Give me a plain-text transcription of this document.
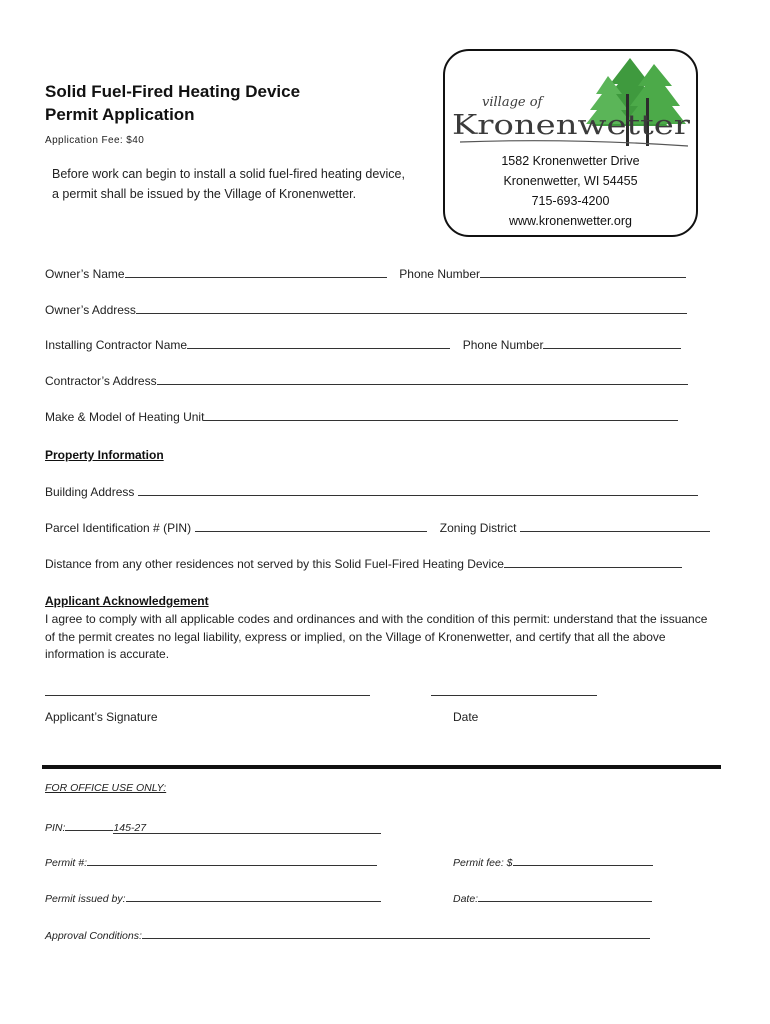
Solid Fuel-Fired Heating Device
Permit Application
Application Fee: $40
Before work can begin to install a solid fuel-fired heating device,
a permit shall be issued by the Village of Kronenwetter.
village of
Kronenwetter
1582 Kronenwetter Drive
Kronenwetter, WI 54455
715-693-4200
www.kronenwetter.org
Owner’s Name	Phone Number
Owner’s Address
Installing Contractor Name	Phone Number
Contractor’s Address
Make & Model of Heating Unit
Property Information
Building Address
Parcel Identification # (PIN)	Zoning District
Distance from any other residences not served by this Solid Fuel-Fired Heating Device
Applicant Acknowledgement
I agree to comply with all applicable codes and ordinances and with the condition of this permit: understand that the issuance of the permit creates no legal liability, express or implied, on the Village of Kronenwetter, and certify that all the above information is accurate.
Applicant’s Signature	Date
FOR OFFICE USE ONLY:
PIN:	145-27
Permit #:	Permit fee: $
Permit issued by:	Date:
Approval Conditions:
